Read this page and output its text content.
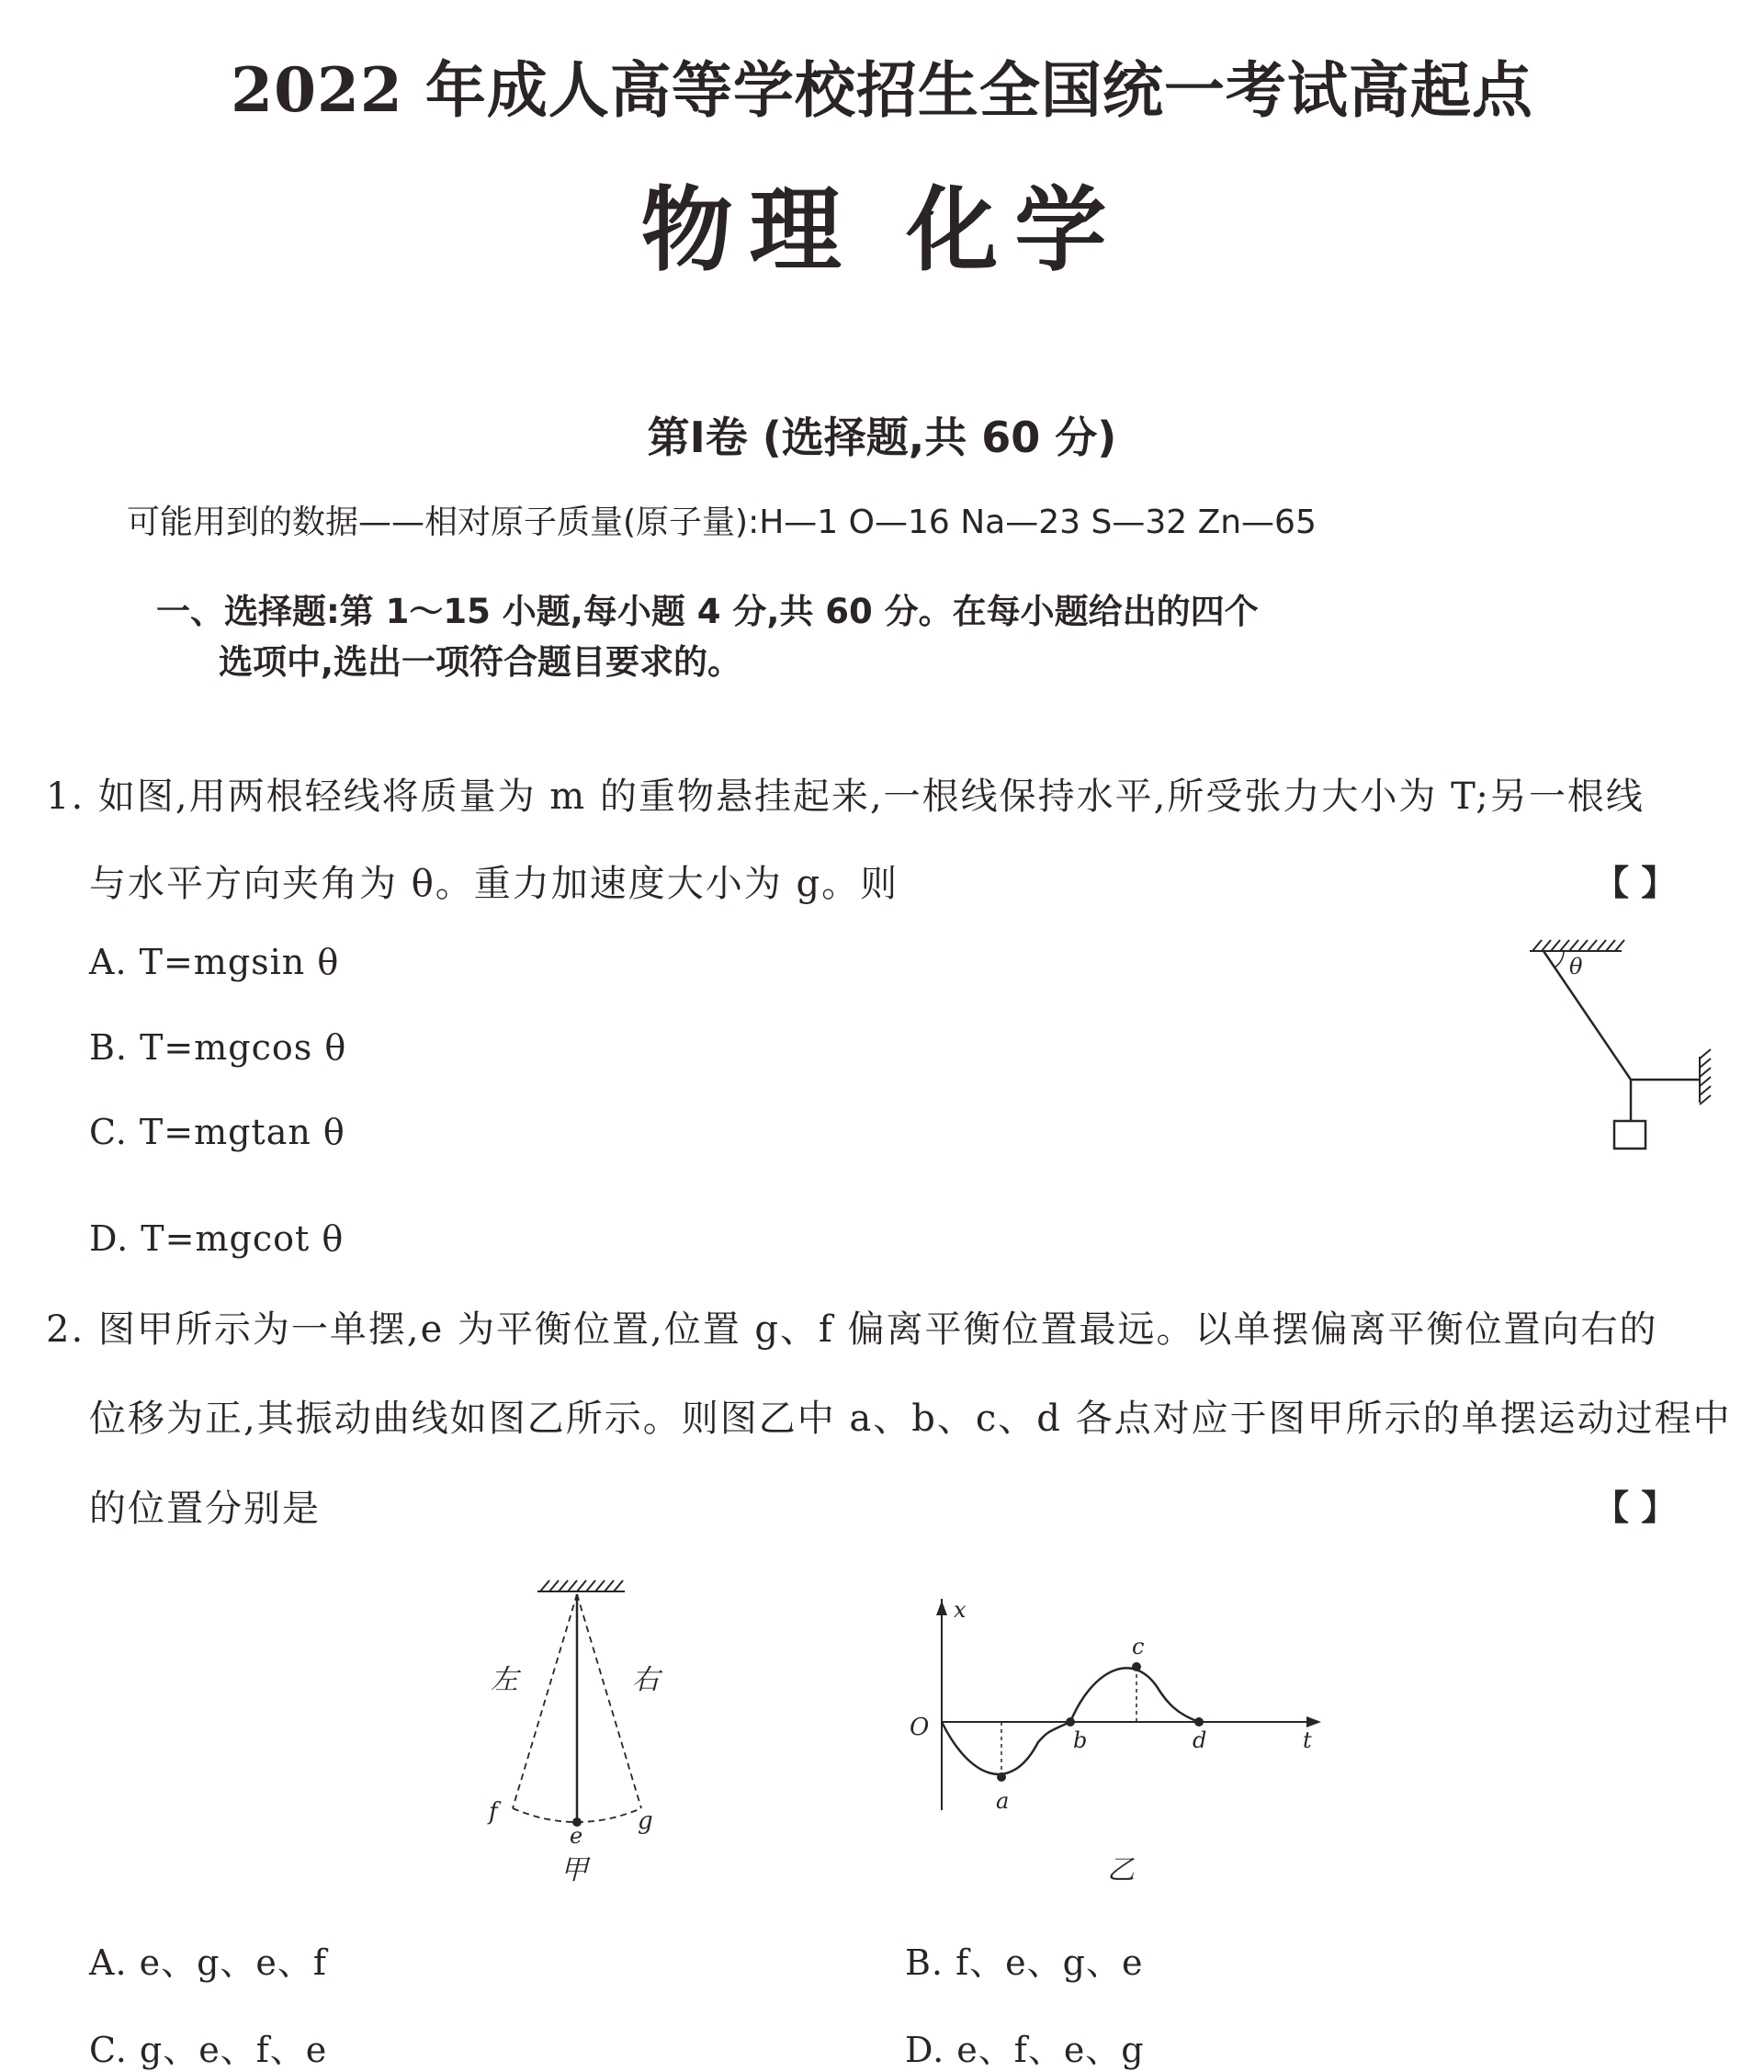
2022 年成人高等学校招生全国统一考试高起点
物理 化学
第Ⅰ卷 (选择题,共 60 分)
可能用到的数据——相对原子质量(原子量):H—1 O—16 Na—23 S—32 Zn—65
一、选择题:第 1～15 小题,每小题 4 分,共 60 分。在每小题给出的四个
选项中,选出一项符合题目要求的。
1. 如图,用两根轻线将质量为 m 的重物悬挂起来,一根线保持水平,所受张力大小为 T;另一根线
与水平方向夹角为 θ。重力加速度大小为 g。则	【 】
A. T=mgsin θ
B. T=mgcos θ
C. T=mgtan θ
D. T=mgcot θ
θ
2. 图甲所示为一单摆,e 为平衡位置,位置 g、f 偏离平衡位置最远。以单摆偏离平衡位置向右的
位移为正,其振动曲线如图乙所示。则图乙中 a、b、c、d 各点对应于图甲所示的单摆运动过程中
的位置分别是	【 】
左	右
f	g
e
甲
x
t
O
a
b
c
d
乙
A. e、g、e、f	B. f、e、g、e
C. g、e、f、e	D. e、f、e、g
